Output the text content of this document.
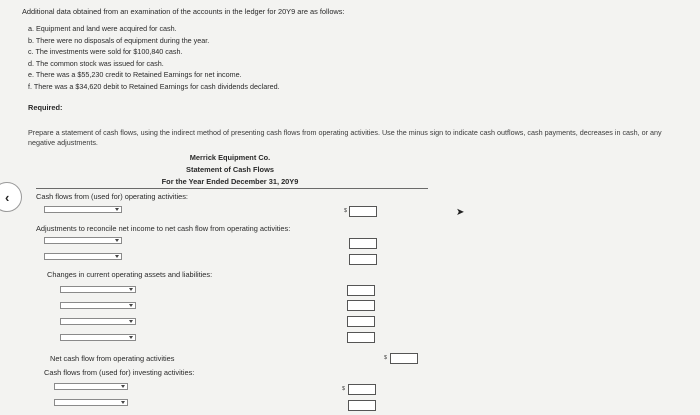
Additional data obtained from an examination of the accounts in the ledger for 20Y9 are as follows:
a. Equipment and land were acquired for cash.
b. There were no disposals of equipment during the year.
c. The investments were sold for $100,840 cash.
d. The common stock was issued for cash.
e. There was a $55,230 credit to Retained Earnings for net income.
f. There was a $34,620 debit to Retained Earnings for cash dividends declared.
Required:
Prepare a statement of cash flows, using the indirect method of presenting cash flows from operating activities. Use the minus sign to indicate cash outflows, cash payments, decreases in cash, or any negative adjustments.
Merrick Equipment Co.
Statement of Cash Flows
For the Year Ended December 31, 20Y9
‹	Cash flows from (used for) operating activities:
$
Adjustments to reconcile net income to net cash flow from operating activities:
Changes in current operating assets and liabilities:
Net cash flow from operating activities	$
Cash flows from (used for) investing activities:
$
➤
